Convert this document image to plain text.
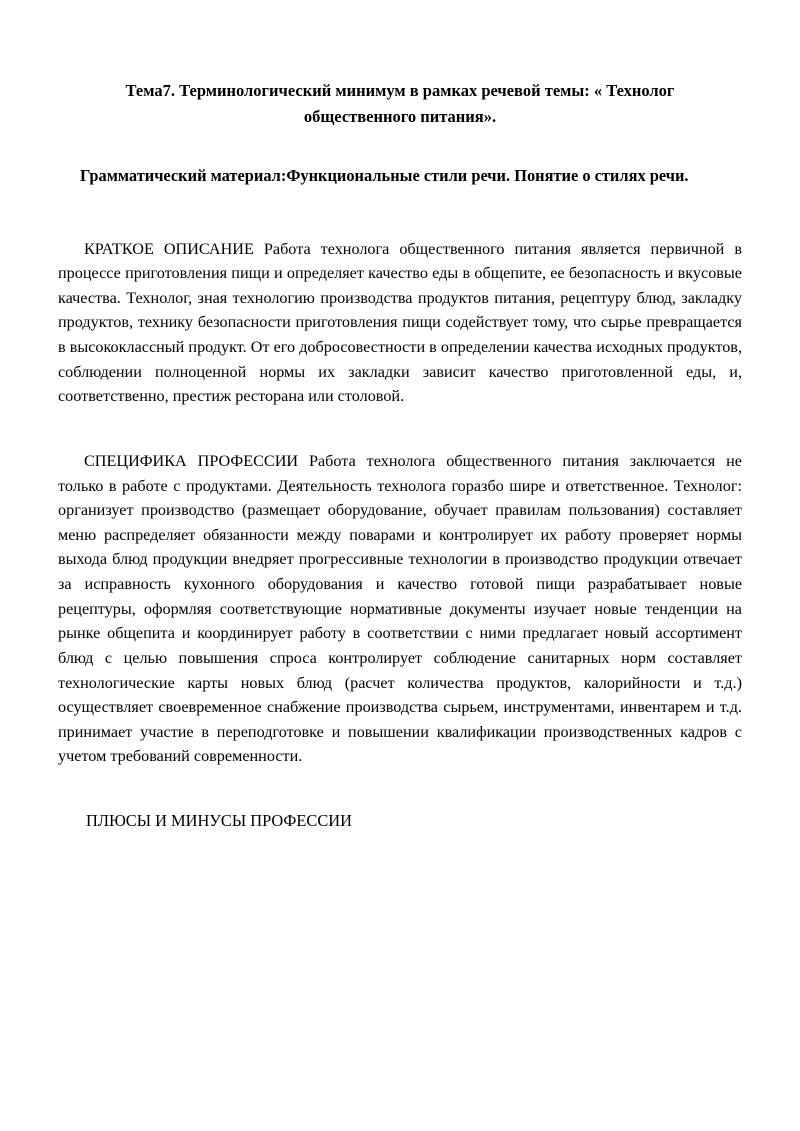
Тема7. Терминологический минимум в рамках речевой темы: « Технолог общественного питания».

Грамматический материал:Функциональные стили речи. Понятие о стилях речи.

КРАТКОЕ ОПИСАНИЕ Работа технолога общественного питания является первичной в процессе приготовления пищи и определяет качество еды в общепите, ее безопасность и вкусовые качества. Технолог, зная технологию производства продуктов питания, рецептуру блюд, закладку продуктов, технику безопасности приготовления пищи содействует тому, что сырье превращается в высококлассный продукт. От его добросовестности в определении качества исходных продуктов, соблюдении полноценной нормы их закладки зависит качество приготовленной еды, и, соответственно, престиж ресторана или столовой.

СПЕЦИФИКА ПРОФЕССИИ Работа технолога общественного питания заключается не только в работе с продуктами. Деятельность технолога горазбо шире и ответственное. Технолог: организует производство (размещает оборудование, обучает правилам пользования) составляет меню распределяет обязанности между поварами и контролирует их работу проверяет нормы выхода блюд продукции внедряет прогрессивные технологии в производство продукции отвечает за исправность кухонного оборудования и качество готовой пищи разрабатывает новые рецептуры, оформляя соответствующие нормативные документы изучает новые тенденции на рынке общепита и координирует работу в соответствии с ними предлагает новый ассортимент блюд с целью повышения спроса контролирует соблюдение санитарных норм составляет технологические карты новых блюд (расчет количества продуктов, калорийности и т.д.) осуществляет своевременное снабжение производства сырьем, инструментами, инвентарем и т.д. принимает участие в переподготовке и повышении квалификации производственных кадров с учетом требований современности.

ПЛЮСЫ И МИНУСЫ ПРОФЕССИИ
